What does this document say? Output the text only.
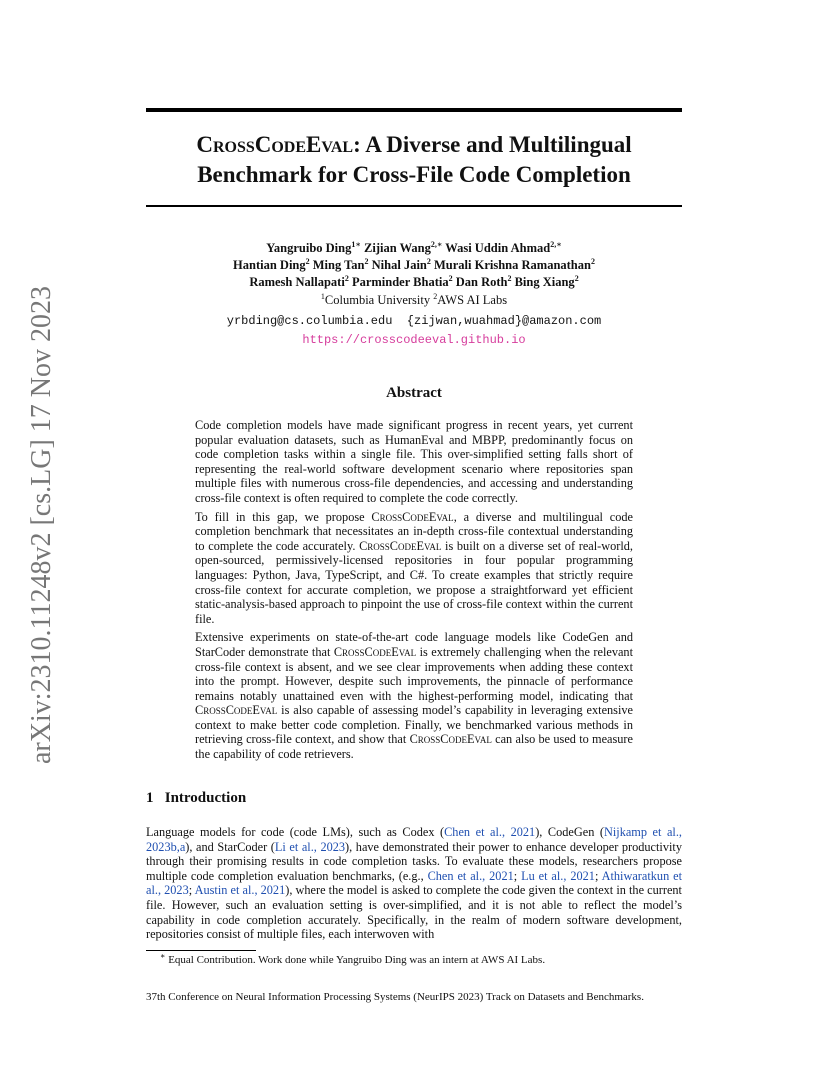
arXiv:2310.11248v2 [cs.LG] 17 Nov 2023
CrossCodeEval: A Diverse and Multilingual
Benchmark for Cross-File Code Completion
Yangruibo Ding$^{1∗}$ Zijian Wang$^{2,∗}$ Wasi Uddin Ahmad$^{2,∗}$
Hantian Ding$^2$ Ming Tan$^2$ Nihal Jain$^2$ Murali Krishna Ramanathan$^2$
Ramesh Nallapati$^2$ Parminder Bhatia$^2$ Dan Roth$^2$ Bing Xiang$^2$
$^1$Columbia University $^2$AWS AI Labs
yrbding@cs.columbia.edu  {zijwan,wuahmad}@amazon.com
https://crosscodeeval.github.io
Abstract

Code completion models have made significant progress in recent years, yet current popular evaluation datasets, such as HumanEval and MBPP, predominantly focus on code completion tasks within a single file. This over-simplified setting falls short of representing the real-world software development scenario where repositories span multiple files with numerous cross-file dependencies, and accessing and understanding cross-file context is often required to complete the code correctly.

To fill in this gap, we propose CrossCodeEval, a diverse and multilingual code completion benchmark that necessitates an in-depth cross-file contextual understanding to complete the code accurately. CrossCodeEval is built on a diverse set of real-world, open-sourced, permissively-licensed repositories in four popular programming languages: Python, Java, TypeScript, and C#. To create examples that strictly require cross-file context for accurate completion, we propose a straightforward yet efficient static-analysis-based approach to pinpoint the use of cross-file context within the current file.

Extensive experiments on state-of-the-art code language models like CodeGen and StarCoder demonstrate that CrossCodeEval is extremely challenging when the relevant cross-file context is absent, and we see clear improvements when adding these context into the prompt. However, despite such improvements, the pinnacle of performance remains notably unattained even with the highest-performing model, indicating that CrossCodeEval is also capable of assessing model’s capability in leveraging extensive context to make better code completion. Finally, we benchmarked various methods in retrieving cross-file context, and show that CrossCodeEval can also be used to measure the capability of code retrievers.

1 Introduction

Language models for code (code LMs), such as Codex (Chen et al., 2021), CodeGen (Nijkamp et al., 2023b,a), and StarCoder (Li et al., 2023), have demonstrated their power to enhance developer productivity through their promising results in code completion tasks. To evaluate these models, researchers propose multiple code completion evaluation benchmarks, (e.g., Chen et al., 2021; Lu et al., 2021; Athiwaratkun et al., 2023; Austin et al., 2021), where the model is asked to complete the code given the context in the current file. However, such an evaluation setting is over-simplified, and it is not able to reflect the model’s capability in code completion accurately. Specifically, in the realm of modern software development, repositories consist of multiple files, each interwoven with

∗ Equal Contribution. Work done while Yangruibo Ding was an intern at AWS AI Labs.
37th Conference on Neural Information Processing Systems (NeurIPS 2023) Track on Datasets and Benchmarks.
